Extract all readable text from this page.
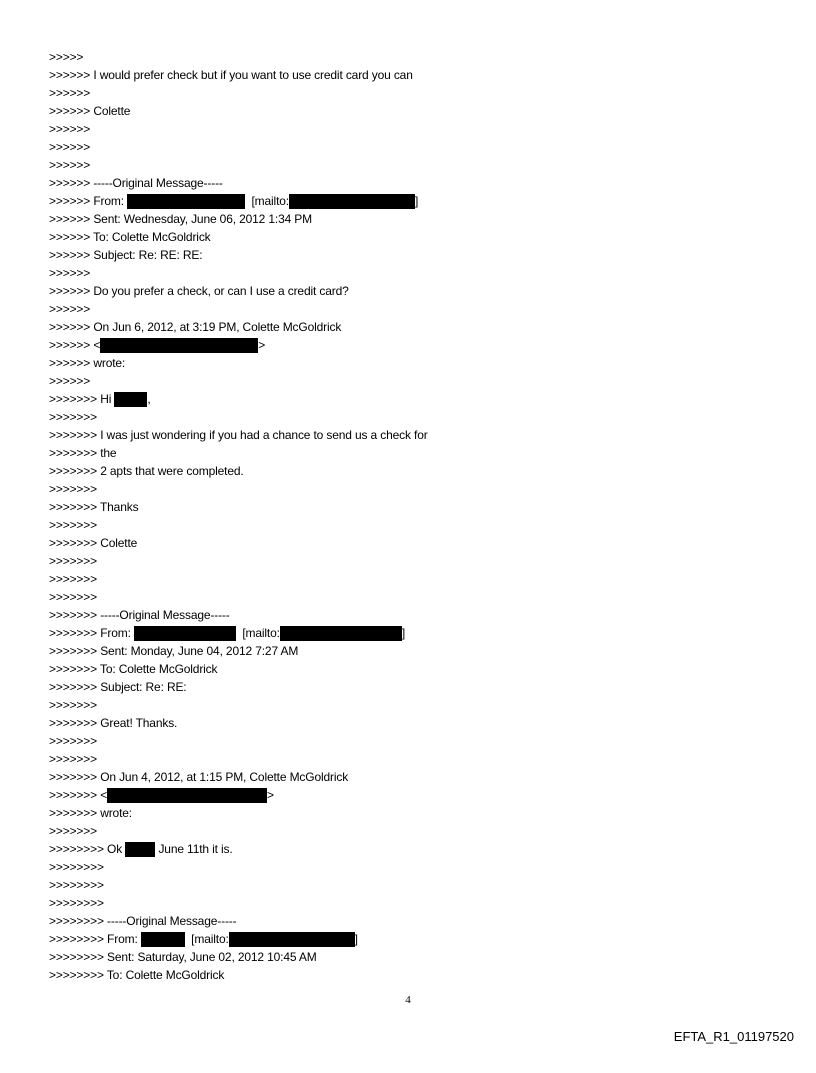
>>>>>
>>>>>> I would prefer check but if you want to use credit card you can
>>>>>>
>>>>>> Colette
>>>>>>
>>>>>>
>>>>>>
>>>>>> -----Original Message-----
>>>>>> From:	[mailto:	]
>>>>>> Sent: Wednesday, June 06, 2012 1:34 PM
>>>>>> To: Colette McGoldrick
>>>>>> Subject: Re: RE: RE:
>>>>>>
>>>>>> Do you prefer a check, or can I use a credit card?
>>>>>>
>>>>>> On Jun 6, 2012, at 3:19 PM, Colette McGoldrick
>>>>>> <	>
>>>>>> wrote:
>>>>>>
>>>>>>> Hi	,
>>>>>>>
>>>>>>> I was just wondering if you had a chance to send us a check for
>>>>>>> the
>>>>>>> 2 apts that were completed.
>>>>>>>
>>>>>>> Thanks
>>>>>>>
>>>>>>> Colette
>>>>>>>
>>>>>>>
>>>>>>>
>>>>>>> -----Original Message-----
>>>>>>> From:	[mailto:	]
>>>>>>> Sent: Monday, June 04, 2012 7:27 AM
>>>>>>> To: Colette McGoldrick
>>>>>>> Subject: Re: RE:
>>>>>>>
>>>>>>> Great! Thanks.
>>>>>>>
>>>>>>>
>>>>>>> On Jun 4, 2012, at 1:15 PM, Colette McGoldrick
>>>>>>> <	>
>>>>>>> wrote:
>>>>>>>
>>>>>>>> Ok	June 11th it is.
>>>>>>>>
>>>>>>>>
>>>>>>>>
>>>>>>>> -----Original Message-----
>>>>>>>> From:	[mailto:	]
>>>>>>>> Sent: Saturday, June 02, 2012 10:45 AM
>>>>>>>> To: Colette McGoldrick
4
EFTA_R1_01197520
